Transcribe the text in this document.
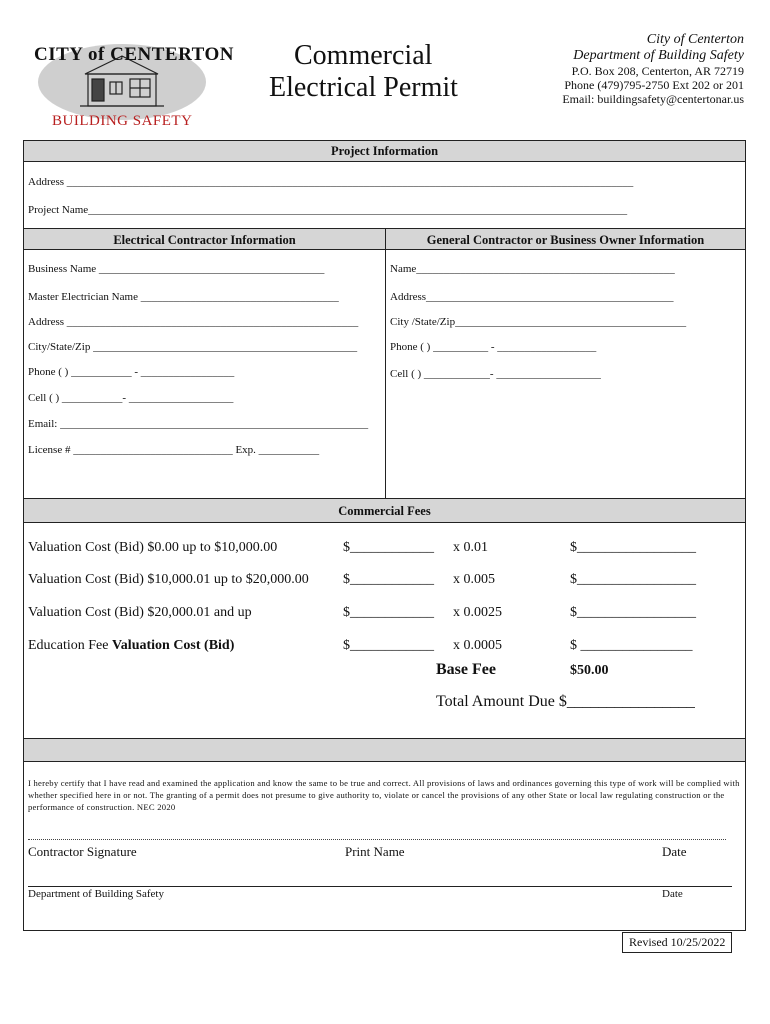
CITY of CENTERTON
BUILDING SAFETY
Commercial
Electrical Permit
City of Centerton
Department of Building Safety
P.O. Box 208, Centerton, AR 72719
Phone (479)795-2750 Ext 202 or 201
Email: buildingsafety@centertonar.us
Project Information
Address _______________________________________________________________________________________________________
Project Name__________________________________________________________________________________________________
Electrical Contractor Information	General Contractor or Business Owner Information
Business Name _________________________________________
Master Electrician Name ____________________________________
Address _____________________________________________________
City/State/Zip ________________________________________________
Phone ( ) ___________ - _________________
Cell ( ) ___________- ___________________
Email: ________________________________________________________
License # _____________________________ Exp. ___________
Name_______________________________________________
Address_____________________________________________
City /State/Zip__________________________________________
Phone ( ) __________ - __________________
Cell ( ) ____________- ___________________
Commercial Fees
Valuation Cost (Bid) $0.00 up to $10,000.00	$____________ x 0.01	$_________________
Valuation Cost (Bid) $10,000.01 up to $20,000.00 $____________ x 0.005	$_________________
Valuation Cost (Bid) $20,000.01 and up	$____________ x 0.0025	$_________________
Education Fee Valuation Cost (Bid)	$____________ x 0.0005	$ ________________
Base Fee	$50.00
Total Amount Due $________________
I hereby certify that I have read and examined the application and know the same to be true and correct. All provisions of laws and ordinances governing this type of work will be complied with whether specified here in or not. The granting of a permit does not presume to give authority to, violate or cancel the provisions of any other State or local law regulating construction or the performance of construction. NEC 2020
Contractor Signature	Print Name	Date
Department of Building Safety	Date
Revised 10/25/2022
